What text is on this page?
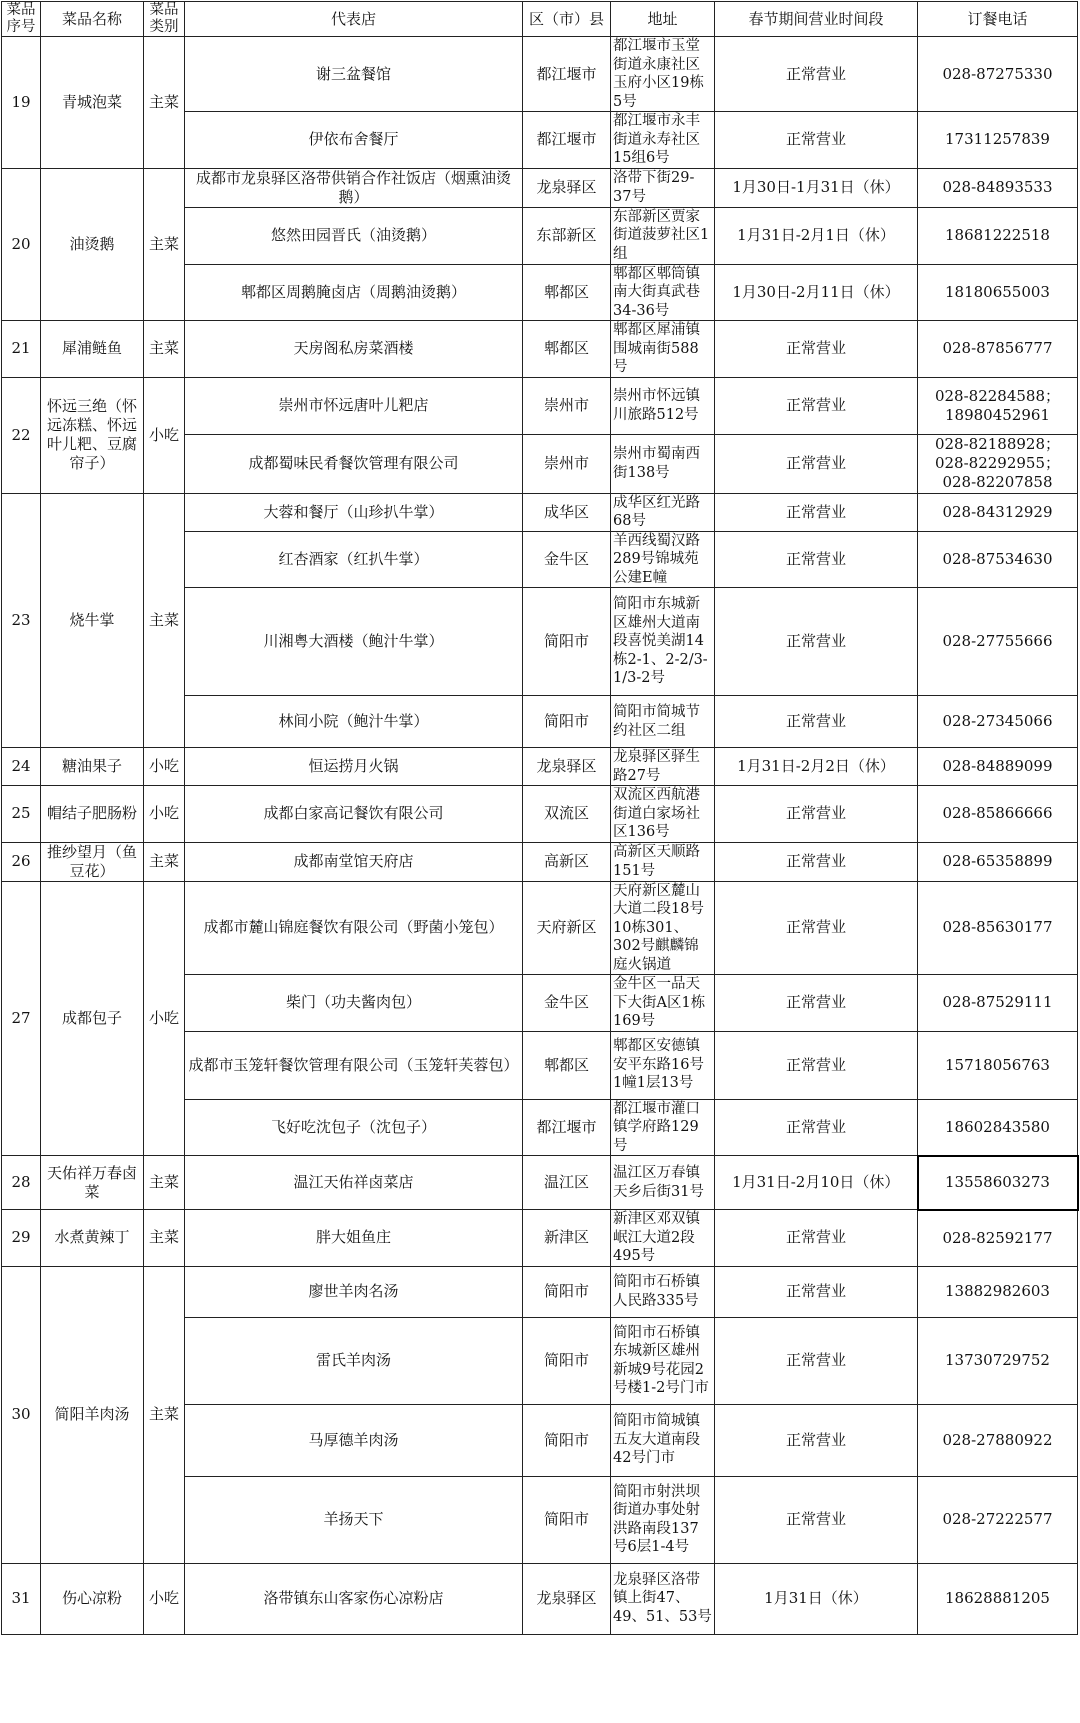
菜品序号	菜品名称	菜品类别	代表店	区（市）县	地址	春节期间营业时间段	订餐电话
19	青城泡菜	主菜	谢三盆餐馆	都江堰市	都江堰市玉堂街道永康社区玉府小区19栋5号	正常营业	028-87275330
			伊依布舍餐厅	都江堰市	都江堰市永丰街道永寿社区15组6号	正常营业	17311257839
20	油烫鹅	主菜	成都市龙泉驿区洛带供销合作社饭店（烟熏油烫鹅）	龙泉驿区	洛带下街29-37号	1月30日-1月31日（休）	028-84893533
			悠然田园晋氏（油烫鹅）	东部新区	东部新区贾家街道菠萝社区1组	1月31日-2月1日（休）	18681222518
			郫都区周鹅腌卤店（周鹅油烫鹅）	郫都区	郫都区郫筒镇南大街真武巷34-36号	1月30日-2月11日（休）	18180655003
21	犀浦鲢鱼	主菜	天房阁私房菜酒楼	郫都区	郫都区犀浦镇围城南街588号	正常营业	028-87856777
22	怀远三绝（怀远冻糕、怀远叶儿粑、豆腐帘子）	小吃	崇州市怀远唐叶儿粑店	崇州市	崇州市怀远镇川旅路512号	正常营业	028-82284588；18980452961
			成都蜀味民肴餐饮管理有限公司	崇州市	崇州市蜀南西街138号	正常营业	028-82188928；028-82292955；028-82207858
23	烧牛掌	主菜	大蓉和餐厅（山珍扒牛掌）	成华区	成华区红光路68号	正常营业	028-84312929
			红杏酒家（红扒牛掌）	金牛区	羊西线蜀汉路289号锦城苑公建E幢	正常营业	028-87534630
			川湘粤大酒楼（鲍汁牛掌）	简阳市	简阳市东城新区雄州大道南段喜悦美湖14栋2-1、2-2/3-1/3-2号	正常营业	028-27755666
			林间小院（鲍汁牛掌）	简阳市	简阳市简城节约社区二组	正常营业	028-27345066
24	糖油果子	小吃	恒运捞月火锅	龙泉驿区	龙泉驿区驿生路27号	1月31日-2月2日（休）	028-84889099
25	帽结子肥肠粉	小吃	成都白家高记餐饮有限公司	双流区	双流区西航港街道白家场社区136号	正常营业	028-85866666
26	推纱望月（鱼豆花）	主菜	成都南堂馆天府店	高新区	高新区天顺路151号	正常营业	028-65358899
27	成都包子	小吃	成都市麓山锦庭餐饮有限公司（野菌小笼包）	天府新区	天府新区麓山大道二段18号10栋301、302号麒麟锦庭火锅道	正常营业	028-85630177
			柴门（功夫酱肉包）	金牛区	金牛区一品天下大街A区1栋169号	正常营业	028-87529111
			成都市玉笼轩餐饮管理有限公司（玉笼轩芙蓉包）	郫都区	郫都区安德镇安平东路16号1幢1层13号	正常营业	15718056763
			飞好吃沈包子（沈包子）	都江堰市	都江堰市灌口镇学府路129号	正常营业	18602843580
28	天佑祥万春卤菜	主菜	温江天佑祥卤菜店	温江区	温江区万春镇天乡后街31号	1月31日-2月10日（休）	13558603273
29	水煮黄辣丁	主菜	胖大姐鱼庄	新津区	新津区邓双镇岷江大道2段495号	正常营业	028-82592177
30	简阳羊肉汤	主菜	廖世羊肉名汤	简阳市	简阳市石桥镇人民路335号	正常营业	13882982603
			雷氏羊肉汤	简阳市	简阳市石桥镇东城新区雄州新城9号花园2号楼1-2号门市	正常营业	13730729752
			马厚德羊肉汤	简阳市	简阳市简城镇五友大道南段42号门市	正常营业	028-27880922
			羊扬天下	简阳市	简阳市射洪坝街道办事处射洪路南段137号6层1-4号	正常营业	028-27222577
31	伤心凉粉	小吃	洛带镇东山客家伤心凉粉店	龙泉驿区	龙泉驿区洛带镇上街47、49、51、53号	1月31日（休）	18628881205
